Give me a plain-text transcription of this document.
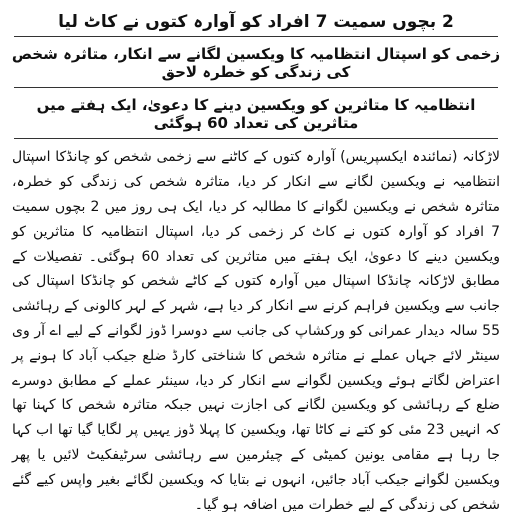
2 بچوں سمیت 7 افراد کو آوارہ کتوں نے کاٹ لیا
زخمی کو اسپتال انتظامیہ کا ویکسین لگانے سے انکار، متاثرہ شخص کی زندگی کو خطرہ لاحق
انتظامیہ کا متاثرین کو ویکسین دینے کا دعویٰ، ایک ہفتے میں متاثرین کی تعداد 60 ہوگئی

لاڑکانہ (نمائندہ ایکسپریس) آوارہ کتوں کے کاٹنے سے زخمی شخص کو چانڈکا اسپتال انتظامیہ نے ویکسین لگانے سے انکار کر دیا، متاثرہ شخص کی زندگی کو خطرہ، متاثرہ شخص نے ویکسین لگوانے کا مطالبہ کر دیا، ایک ہی روز میں 2 بچوں سمیت 7 افراد کو آوارہ کتوں نے کاٹ کر زخمی کر دیا، اسپتال انتظامیہ کا متاثرین کو ویکسین دینے کا دعویٰ، ایک ہفتے میں متاثرین کی تعداد 60 ہوگئی۔ تفصیلات کے مطابق لاڑکانہ چانڈکا اسپتال میں آوارہ کتوں کے کاٹے شخص کو چانڈکا اسپتال کی جانب سے ویکسین فراہم کرنے سے انکار کر دیا ہے، شہر کے لہر کالونی کے رہائشی 55 سالہ دیدار عمرانی کو ورکشاپ کی جانب سے دوسرا ڈوز لگوانے کے لیے اے آر وی سینٹر لائے جہاں عملے نے متاثرہ شخص کا شناختی کارڈ ضلع جیکب آباد کا ہونے پر اعتراض لگاتے ہوئے ویکسین لگوانے سے انکار کر دیا، سینئر عملے کے مطابق دوسرے ضلع کے رہائشی کو ویکسین لگانے کی اجازت نہیں جبکہ متاثرہ شخص کا کہنا تھا کہ انہیں 23 مئی کو کتے نے کاٹا تھا، ویکسین کا پہلا ڈوز یہیں پر لگایا گیا تھا اب کہا جا رہا ہے مقامی یونین کمیٹی کے چیئرمین سے رہائشی سرٹیفکیٹ لائیں یا پھر ویکسین لگوانے جیکب آباد جائیں، انہوں نے بتایا کہ ویکسین لگائے بغیر واپس کیے گئے شخص کی زندگی کے لیے خطرات میں اضافہ ہو گیا۔
